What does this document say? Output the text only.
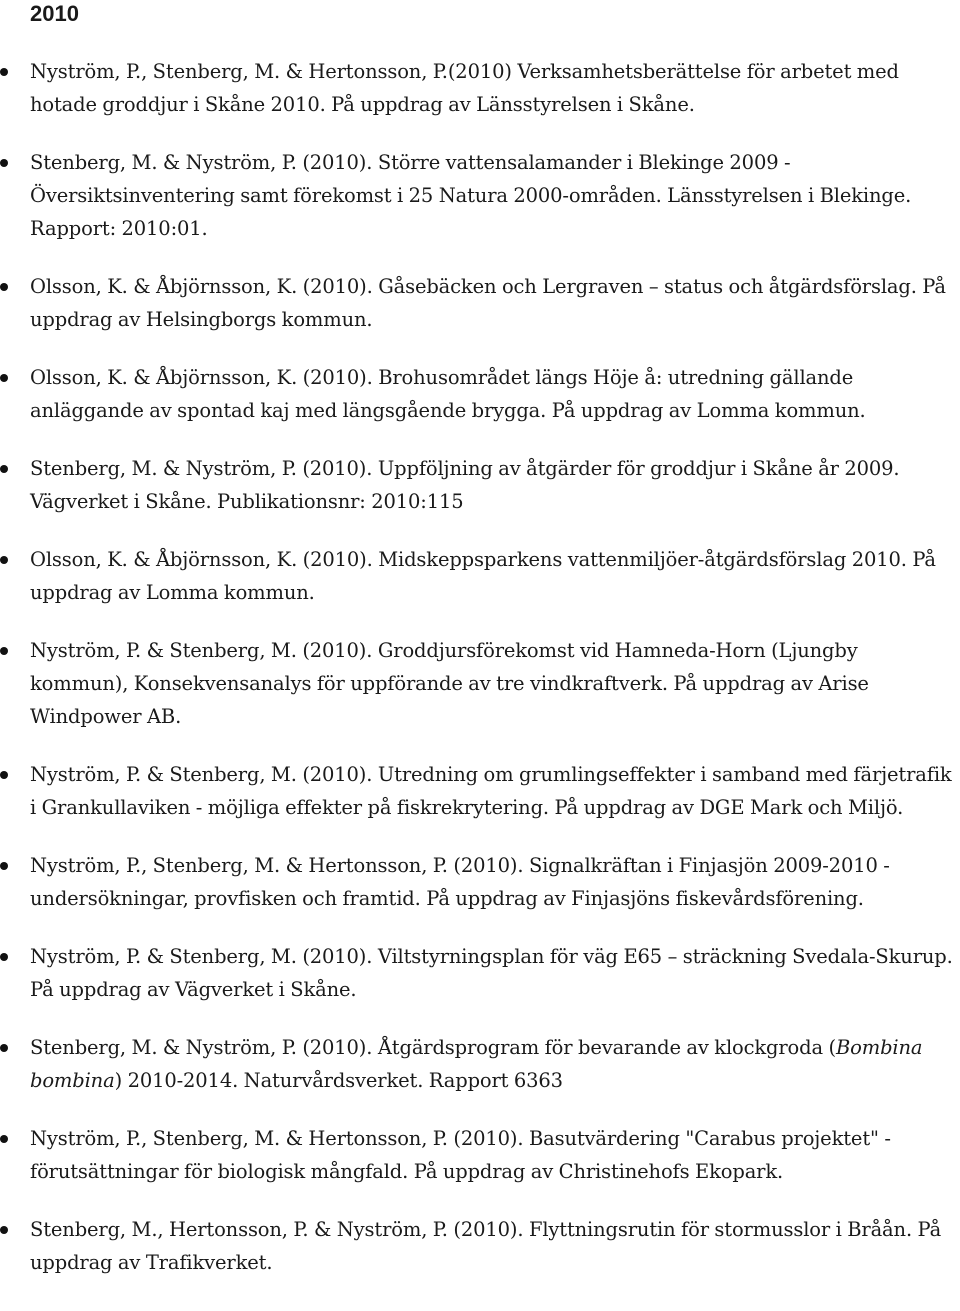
2010
Nyström, P., Stenberg, M. & Hertonsson, P.(2010) Verksamhetsberättelse för arbetet med hotade groddjur i Skåne 2010. På uppdrag av Länsstyrelsen i Skåne.
Stenberg, M. & Nyström, P. (2010). Större vattensalamander i Blekinge 2009 - Översiktsinventering samt förekomst i 25 Natura 2000-områden. Länsstyrelsen i Blekinge. Rapport: 2010:01.
Olsson, K. & Åbjörnsson, K. (2010). Gåsebäcken och Lergraven – status och åtgärdsförslag. På uppdrag av Helsingborgs kommun.
Olsson, K. & Åbjörnsson, K. (2010). Brohusområdet längs Höje å: utredning gällande anläggande av spontad kaj med längsgående brygga. På uppdrag av Lomma kommun.
Stenberg, M. & Nyström, P. (2010). Uppföljning av åtgärder för groddjur i Skåne år 2009. Vägverket i Skåne. Publikationsnr: 2010:115
Olsson, K. & Åbjörnsson, K. (2010). Midskeppsparkens vattenmiljöer-åtgärdsförslag 2010. På uppdrag av Lomma kommun.
Nyström, P. & Stenberg, M. (2010). Groddjursförekomst vid Hamneda-Horn (Ljungby kommun), Konsekvensanalys för uppförande av tre vindkraftverk. På uppdrag av Arise Windpower AB.
Nyström, P. & Stenberg, M. (2010). Utredning om grumlingseffekter i samband med färjetrafik i Grankullaviken - möjliga effekter på fiskrekrytering. På uppdrag av DGE Mark och Miljö.
Nyström, P., Stenberg, M. & Hertonsson, P. (2010). Signalkräftan i Finjasjön 2009-2010 - undersökningar, provfisken och framtid. På uppdrag av Finjasjöns fiskevårdsförening.
Nyström, P. & Stenberg, M. (2010). Viltstyrningsplan för väg E65 – sträckning Svedala-Skurup. På uppdrag av Vägverket i Skåne.
Stenberg, M. & Nyström, P. (2010). Åtgärdsprogram för bevarande av klockgroda (Bombina bombina) 2010-2014. Naturvårdsverket. Rapport 6363
Nyström, P., Stenberg, M. & Hertonsson, P. (2010). Basutvärdering "Carabus projektet" - förutsättningar för biologisk mångfald. På uppdrag av Christinehofs Ekopark.
Stenberg, M., Hertonsson, P. & Nyström, P. (2010). Flyttningsrutin för stormusslor i Bråån. På uppdrag av Trafikverket.
